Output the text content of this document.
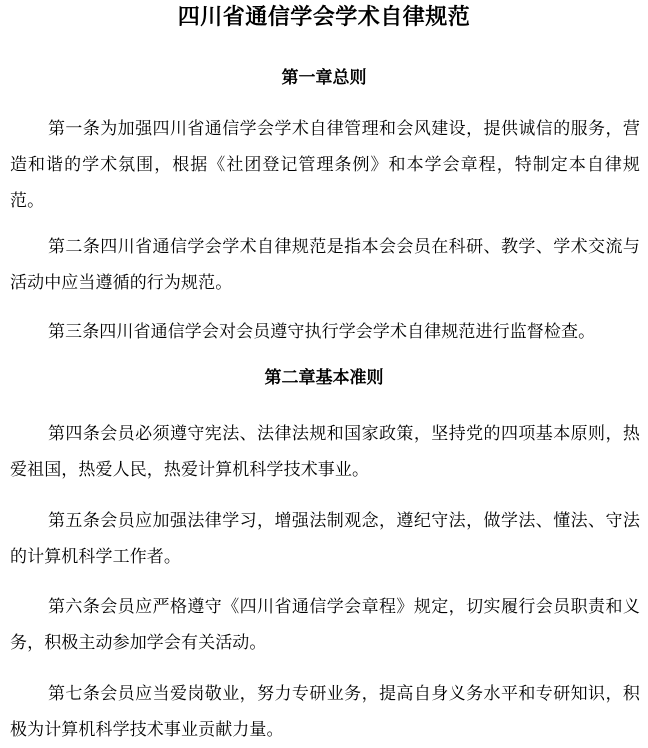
四川省通信学会学术自律规范
第一章总则
第一条为加强四川省通信学会学术自律管理和会风建设，提供诚信的服务，营造和谐的学术氛围，根据《社团登记管理条例》和本学会章程，特制定本自律规范。
第二条四川省通信学会学术自律规范是指本会会员在科研、教学、学术交流与活动中应当遵循的行为规范。
第三条四川省通信学会对会员遵守执行学会学术自律规范进行监督检查。
第二章基本准则
第四条会员必须遵守宪法、法律法规和国家政策，坚持党的四项基本原则，热爱祖国，热爱人民，热爱计算机科学技术事业。
第五条会员应加强法律学习，增强法制观念，遵纪守法，做学法、懂法、守法的计算机科学工作者。
第六条会员应严格遵守《四川省通信学会章程》规定，切实履行会员职责和义务，积极主动参加学会有关活动。
第七条会员应当爱岗敬业，努力专研业务，提高自身义务水平和专研知识，积极为计算机科学技术事业贡献力量。
